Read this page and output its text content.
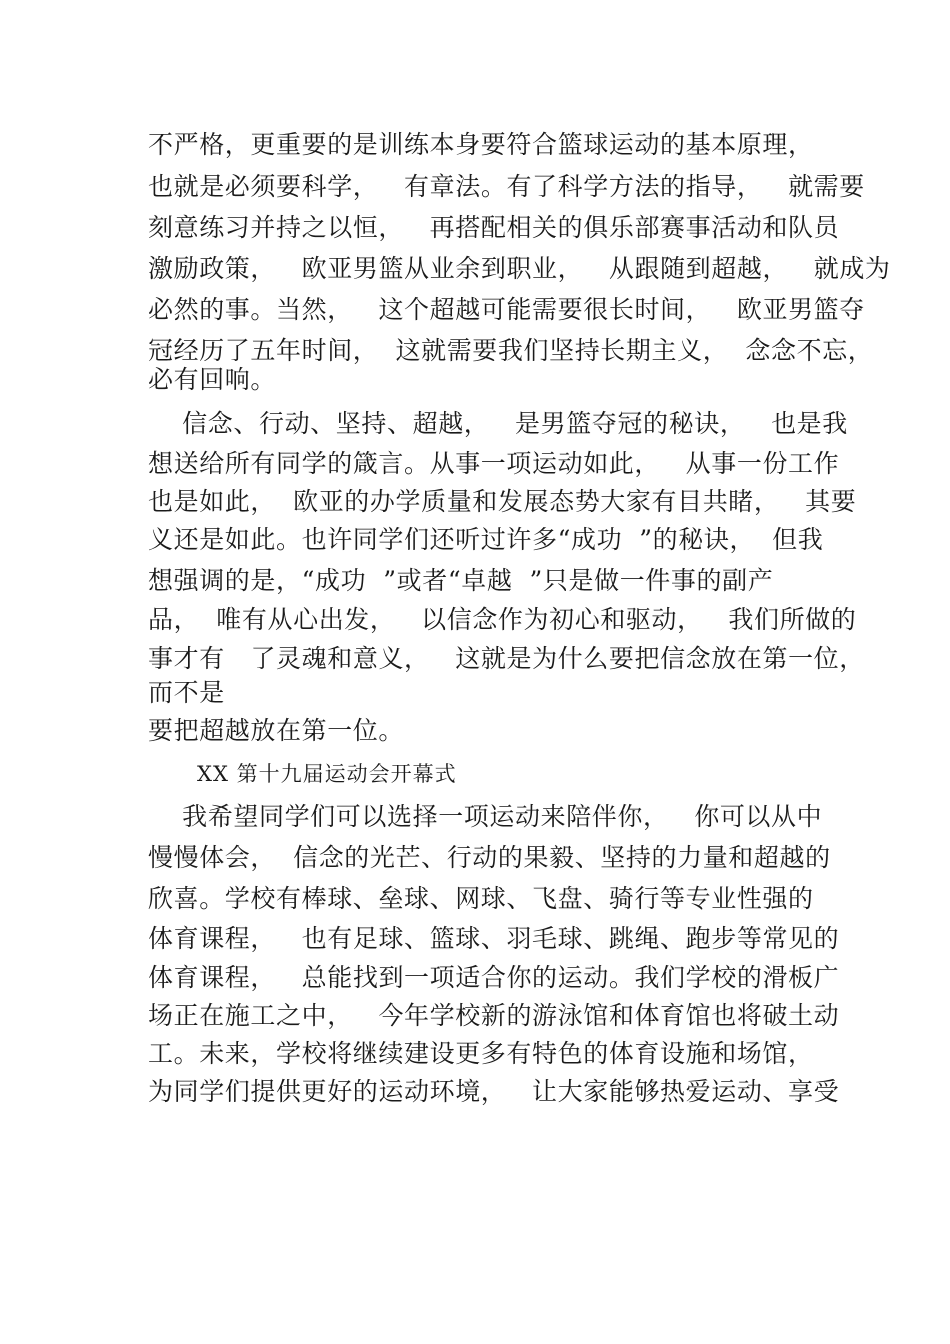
不严格，更重要的是训练本身要符合篮球运动的基本原理，
也就是必须要科学，   有章法。有了科学方法的指导，   就需要
刻意练习并持之以恒，   再搭配相关的俱乐部赛事活动和队员
激励政策，   欧亚男篮从业余到职业，   从跟随到超越，   就成为
必然的事。当然，   这个超越可能需要很长时间，   欧亚男篮夺
冠经历了五年时间，  这就需要我们坚持长期主义，  念念不忘，
必有回响。
信念、行动、坚持、超越，   是男篮夺冠的秘诀，   也是我
想送给所有同学的箴言。从事一项运动如此，   从事一份工作
也是如此，  欧亚的办学质量和发展态势大家有目共睹，   其要
义还是如此。也许同学们还听过许多“成功  ”的秘诀，  但我
想强调的是，“成功  ”或者“卓越  ”只是做一件事的副产
品，  唯有从心出发，   以信念作为初心和驱动，   我们所做的
事才有   了灵魂和意义，   这就是为什么要把信念放在第一位，
而不是
要把超越放在第一位。
XX 第十九届运动会开幕式
我希望同学们可以选择一项运动来陪伴你，   你可以从中
慢慢体会，  信念的光芒、行动的果毅、坚持的力量和超越的
欣喜。学校有棒球、垒球、网球、飞盘、骑行等专业性强的
体育课程，   也有足球、篮球、羽毛球、跳绳、跑步等常见的
体育课程，   总能找到一项适合你的运动。我们学校的滑板广
场正在施工之中，   今年学校新的游泳馆和体育馆也将破土动
工。未来，学校将继续建设更多有特色的体育设施和场馆，
为同学们提供更好的运动环境，   让大家能够热爱运动、享受
